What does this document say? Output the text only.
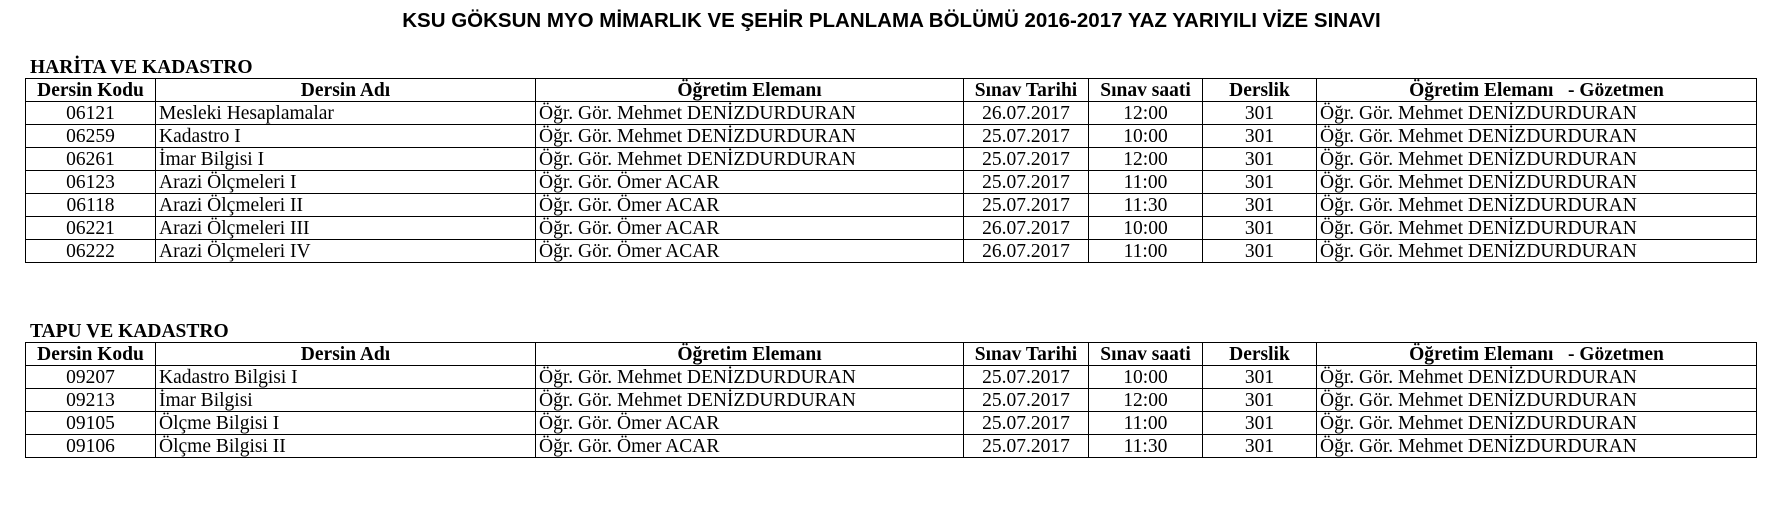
KSU GÖKSUN MYO MİMARLIK VE ŞEHİR PLANLAMA BÖLÜMÜ 2016-2017 YAZ YARIYILI VİZE SINAVI
HARİTA VE KADASTRO
Dersin Kodu	Dersin Adı	Öğretim Elemanı	Sınav Tarihi	Sınav saati	Derslik	Öğretim Elemanı   - Gözetmen
06121	Mesleki Hesaplamalar	Öğr. Gör. Mehmet DENİZDURDURAN	26.07.2017	12:00	301	Öğr. Gör. Mehmet DENİZDURDURAN
06259	Kadastro I	Öğr. Gör. Mehmet DENİZDURDURAN	25.07.2017	10:00	301	Öğr. Gör. Mehmet DENİZDURDURAN
06261	İmar Bilgisi I	Öğr. Gör. Mehmet DENİZDURDURAN	25.07.2017	12:00	301	Öğr. Gör. Mehmet DENİZDURDURAN
06123	Arazi Ölçmeleri I	Öğr. Gör. Ömer ACAR	25.07.2017	11:00	301	Öğr. Gör. Mehmet DENİZDURDURAN
06118	Arazi Ölçmeleri II	Öğr. Gör. Ömer ACAR	25.07.2017	11:30	301	Öğr. Gör. Mehmet DENİZDURDURAN
06221	Arazi Ölçmeleri III	Öğr. Gör. Ömer ACAR	26.07.2017	10:00	301	Öğr. Gör. Mehmet DENİZDURDURAN
06222	Arazi Ölçmeleri IV	Öğr. Gör. Ömer ACAR	26.07.2017	11:00	301	Öğr. Gör. Mehmet DENİZDURDURAN
TAPU VE KADASTRO
Dersin Kodu	Dersin Adı	Öğretim Elemanı	Sınav Tarihi	Sınav saati	Derslik	Öğretim Elemanı   - Gözetmen
09207	Kadastro Bilgisi I	Öğr. Gör. Mehmet DENİZDURDURAN	25.07.2017	10:00	301	Öğr. Gör. Mehmet DENİZDURDURAN
09213	İmar Bilgisi	Öğr. Gör. Mehmet DENİZDURDURAN	25.07.2017	12:00	301	Öğr. Gör. Mehmet DENİZDURDURAN
09105	Ölçme Bilgisi I	Öğr. Gör. Ömer ACAR	25.07.2017	11:00	301	Öğr. Gör. Mehmet DENİZDURDURAN
09106	Ölçme Bilgisi II	Öğr. Gör. Ömer ACAR	25.07.2017	11:30	301	Öğr. Gör. Mehmet DENİZDURDURAN
